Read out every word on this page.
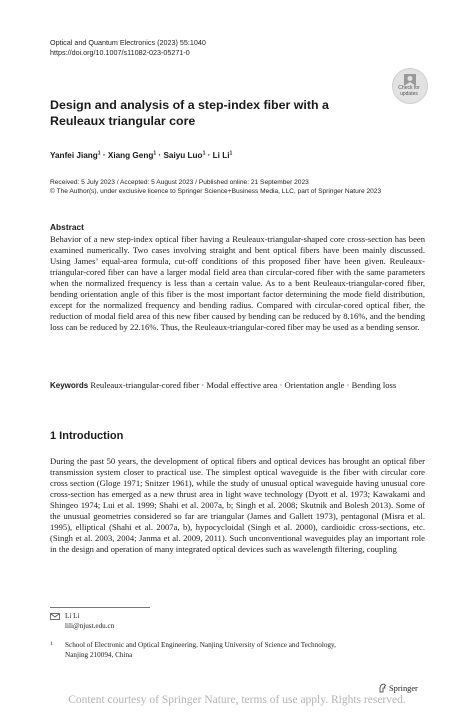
Optical and Quantum Electronics (2023) 55:1040
https://doi.org/10.1007/s11082-023-05271-0
Check for
updates
Design and analysis of a step-index fiber with a Reuleaux triangular core
Yanfei Jiang$^1$ · Xiang Geng$^1$ · Saiyu Luo$^1$ · Li Li$^1$
Received: 5 July 2023 / Accepted: 5 August 2023 / Published online: 21 September 2023
© The Author(s), under exclusive licence to Springer Science+Business Media, LLC, part of Springer Nature 2023
Abstract
Behavior of a new step-index optical fiber having a Reuleaux-triangular-shaped core cross-section has been examined numerically. Two cases involving straight and bent optical fibers have been mainly discussed. Using James’ equal-area formula, cut-off conditions of this proposed fiber have been given. Reuleaux-triangular-cored fiber can have a larger modal field area than circular-cored fiber with the same parameters when the normalized frequency is less than a certain value. As to a bent Reuleaux-triangular-cored fiber, bending orientation angle of this fiber is the most important factor determining the mode field distribution, except for the normalized frequency and bending radius. Compared with circular-cored optical fiber, the reduction of modal field area of this new fiber caused by bending can be reduced by 8.16%, and the bending loss can be reduced by 22.16%. Thus, the Reuleaux-triangular-cored fiber may be used as a bending sensor.
Keywords Reuleaux-triangular-cored fiber · Modal effective area · Orientation angle · Bending loss
1 Introduction
During the past 50 years, the development of optical fibers and optical devices has brought an optical fiber transmission system closer to practical use. The simplest optical waveguide is the fiber with circular core cross section (Gloge 1971; Snitzer 1961), while the study of unusual optical waveguide having unusual core cross-section has emerged as a new thrust area in light wave technology (Dyott et al. 1973; Kawakami and Shingeo 1974; Lui et al. 1999; Shahi et al. 2007a, b; Singh et al. 2008; Skutnik and Bolesh 2013). Some of the unusual geometries considered so far are triangular (James and Gallett 1973), pentagonal (Misra et al. 1995), elliptical (Shahi et al. 2007a, b), hypocycloidal (Singh et al. 2000), cardioidic cross-sections, etc. (Singh et al. 2003, 2004; Janma et al. 2009, 2011). Such unconventional waveguides play an important role in the design and operation of many integrated optical devices such as wavelength filtering, coupling
Li Li
lili@njust.edu.cn
1 School of Electronic and Optical Engineering, Nanjing University of Science and Technology,
Nanjing 210094, China
Springer
Content courtesy of Springer Nature, terms of use apply. Rights reserved.
